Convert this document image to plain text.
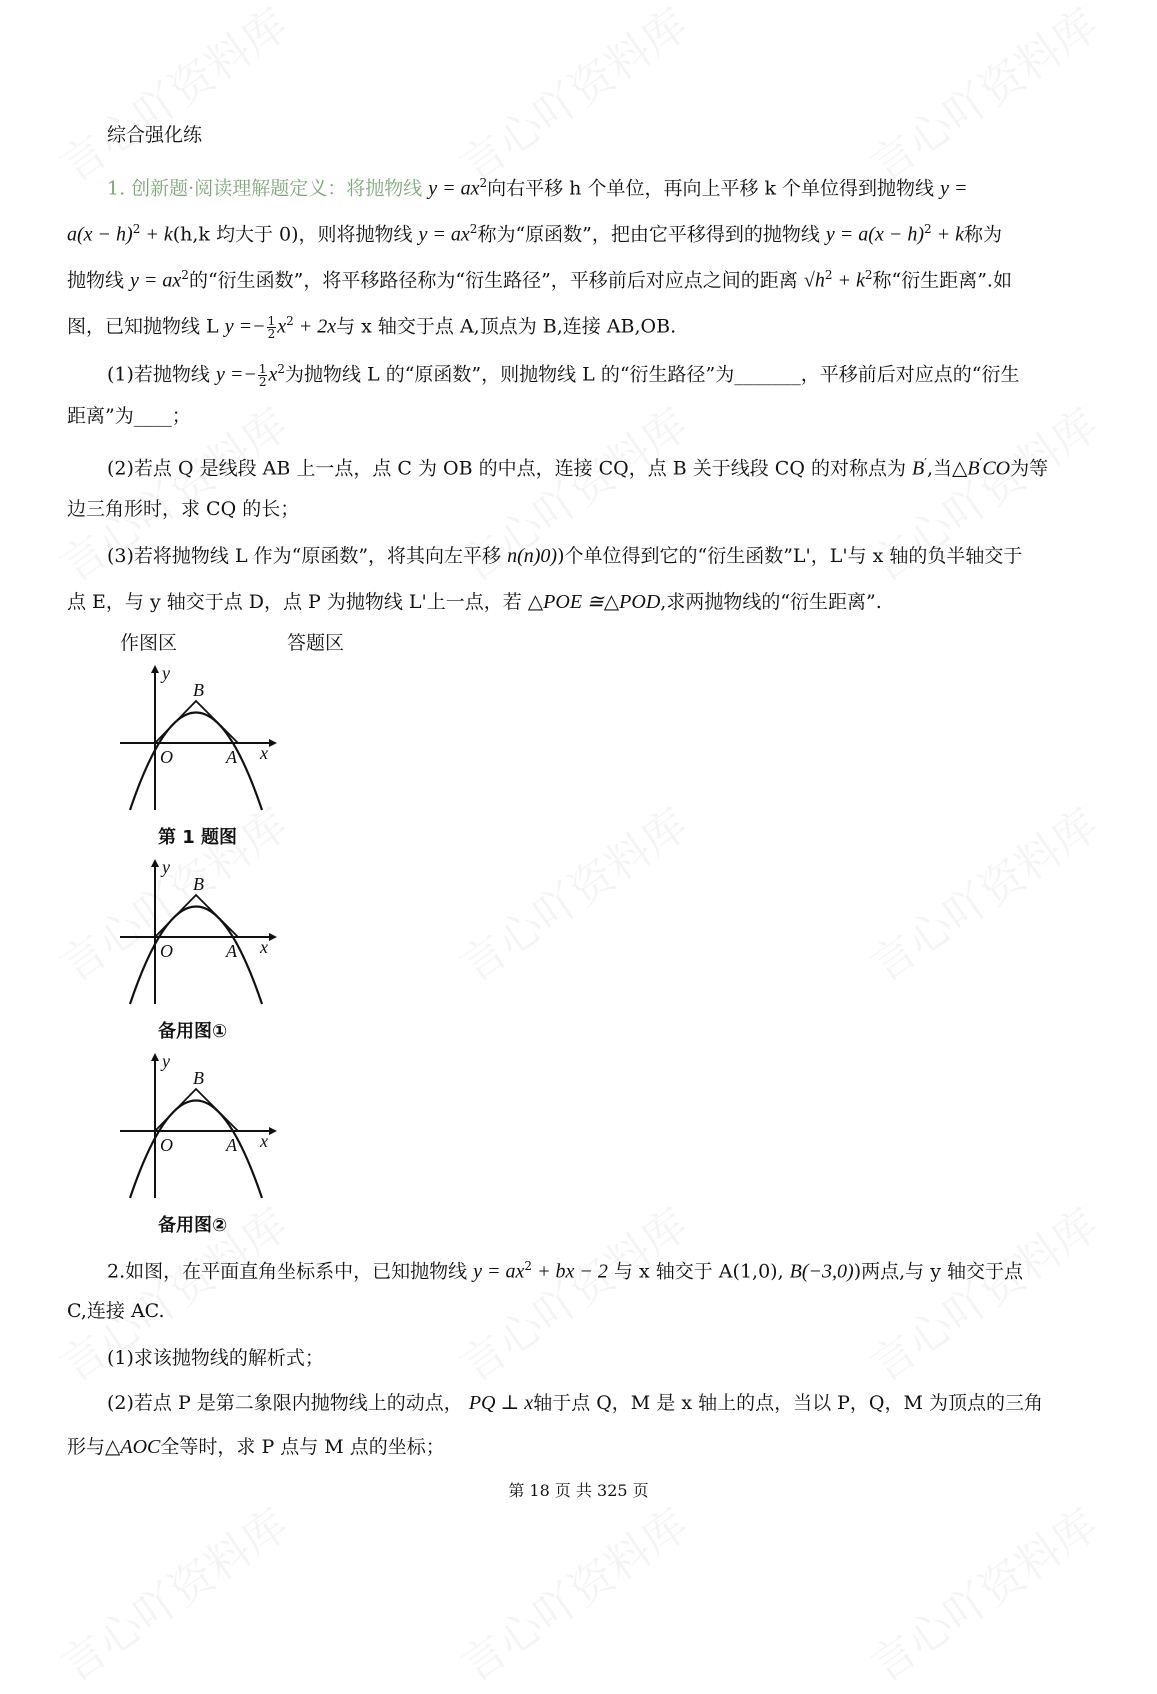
综合强化练
1. 创新题·阅读理解题定义：将抛物线 $y = ax^2$向右平移 h 个单位，再向上平移 k 个单位得到抛物线 y =
$a(x - h)^2 + k(h,k$ 均大于 0)，则将抛物线 $y = ax^2$称为“原函数”，把由它平移得到的抛物线 $y = a(x - h)^2 + k$称为
抛物线 $y = ax^2$的“衍生函数”，将平移路径称为“衍生路径”，平移前后对应点之间的距离 $√h^2 + k^2$称“衍生距离”.如
图，已知抛物线 L $y =- \frac{1}{2} x^2 + 2x$与 x 轴交于点 A,顶点为 B,连接 AB,OB.
(1)若抛物线 $y =- \frac{1}{2} x^2$为抛物线 L 的“原函数”，则抛物线 L 的“衍生路径”为_______，平移前后对应点的“衍生
距离”为____；
(2)若点 Q 是线段 AB 上一点，点 C 为 OB 的中点，连接 CQ，点 B 关于线段 CQ 的对称点为 B′,当△B′CO为等
边三角形时，求 CQ 的长；
(3)若将抛物线 L 作为“原函数”，将其向左平移 n(n)0))个单位得到它的“衍生函数”L'，L'与 x 轴的负半轴交于
点 E，与 y 轴交于点 D，点 P 为抛物线 L'上一点，若 △POE ≅△POD,求两抛物线的“衍生距离”.
2.如图，在平面直角坐标系中，已知抛物线 $y = ax^2$ + bx − 2 与 x 轴交于 A(1,0), B(−3,0))两点,与 y 轴交于点
C,连接 AC.
(1)求该抛物线的解析式；
(2)若点 P 是第二象限内抛物线上的动点， PQ ⊥ x轴于点 Q，M 是 x 轴上的点，当以 P，Q，M 为顶点的三角
形与△AOC全等时，求 P 点与 M 点的坐标；
作图区	答题区
y
x
O	A
B
第 1 题图
y
x
O	A
B
备用图①
y
x
O	A
B
备用图②
第 18 页 共 325 页
